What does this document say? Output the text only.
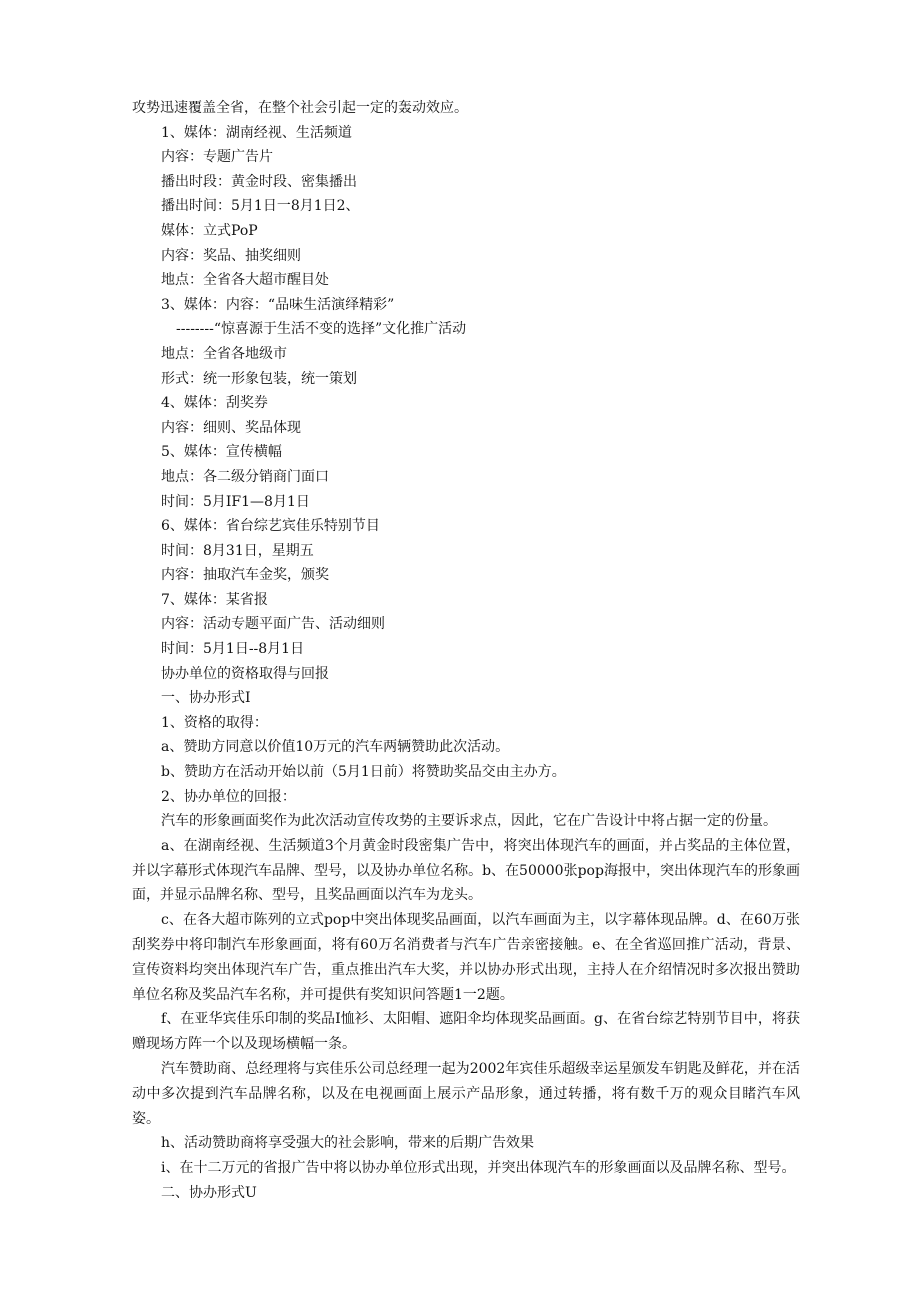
攻势迅速覆盖全省，在整个社会引起一定的轰动效应。

1、媒体：湖南经视、生活频道

内容：专题广告片

播出时段：黄金时段、密集播出

播出时间：5月1日一8月1日2、

媒体：立式PoP

内容：奖品、抽奖细则

地点：全省各大超市醒目处

3、媒体：内容：“品味生活演绎精彩”

--------“惊喜源于生活不变的选择”文化推广活动

地点：全省各地级市

形式：统一形象包装，统一策划

4、媒体：刮奖券

内容：细则、奖品体现

5、媒体：宣传横幅

地点：各二级分销商门面口

时间：5月IF1—8月1日

6、媒体：省台综艺宾佳乐特别节目

时间：8月31日，星期五

内容：抽取汽车金奖，颁奖

7、媒体：某省报

内容：活动专题平面广告、活动细则

时间：5月1日--8月1日

协办单位的资格取得与回报

一、协办形式I

1、资格的取得：

a、赞助方同意以价值10万元的汽车两辆赞助此次活动。

b、赞助方在活动开始以前（5月1日前）将赞助奖品交由主办方。

2、协办单位的回报：

汽车的形象画面奖作为此次活动宣传攻势的主要诉求点，因此，它在广告设计中将占据一定的份量。

a、在湖南经视、生活频道3个月黄金时段密集广告中，将突出体现汽车的画面，并占奖品的主体位置，并以字幕形式体现汽车品牌、型号，以及协办单位名称。b、在50000张pop海报中，突出体现汽车的形象画面，并显示品牌名称、型号，且奖品画面以汽车为龙头。

c、在各大超市陈列的立式pop中突出体现奖品画面，以汽车画面为主，以字幕体现品牌。d、在60万张刮奖券中将印制汽车形象画面，将有60万名消费者与汽车广告亲密接触。e、在全省巡回推广活动，背景、宣传资料均突出体现汽车广告，重点推出汽车大奖，并以协办形式出现，主持人在介绍情况时多次报出赞助单位名称及奖品汽车名称，并可提供有奖知识问答题1一2题。

f、在亚华宾佳乐印制的奖品I恤衫、太阳帽、遮阳伞均体现奖品画面。g、在省台综艺特别节目中，将获赠现场方阵一个以及现场横幅一条。

汽车赞助商、总经理将与宾佳乐公司总经理一起为2002年宾佳乐超级幸运星颁发车钥匙及鲜花，并在活动中多次提到汽车品牌名称，以及在电视画面上展示产品形象，通过转播，将有数千万的观众目睹汽车风姿。

h、活动赞助商将享受强大的社会影响，带来的后期广告效果

i、在十二万元的省报广告中将以协办单位形式出现，并突出体现汽车的形象画面以及品牌名称、型号。

二、协办形式U
